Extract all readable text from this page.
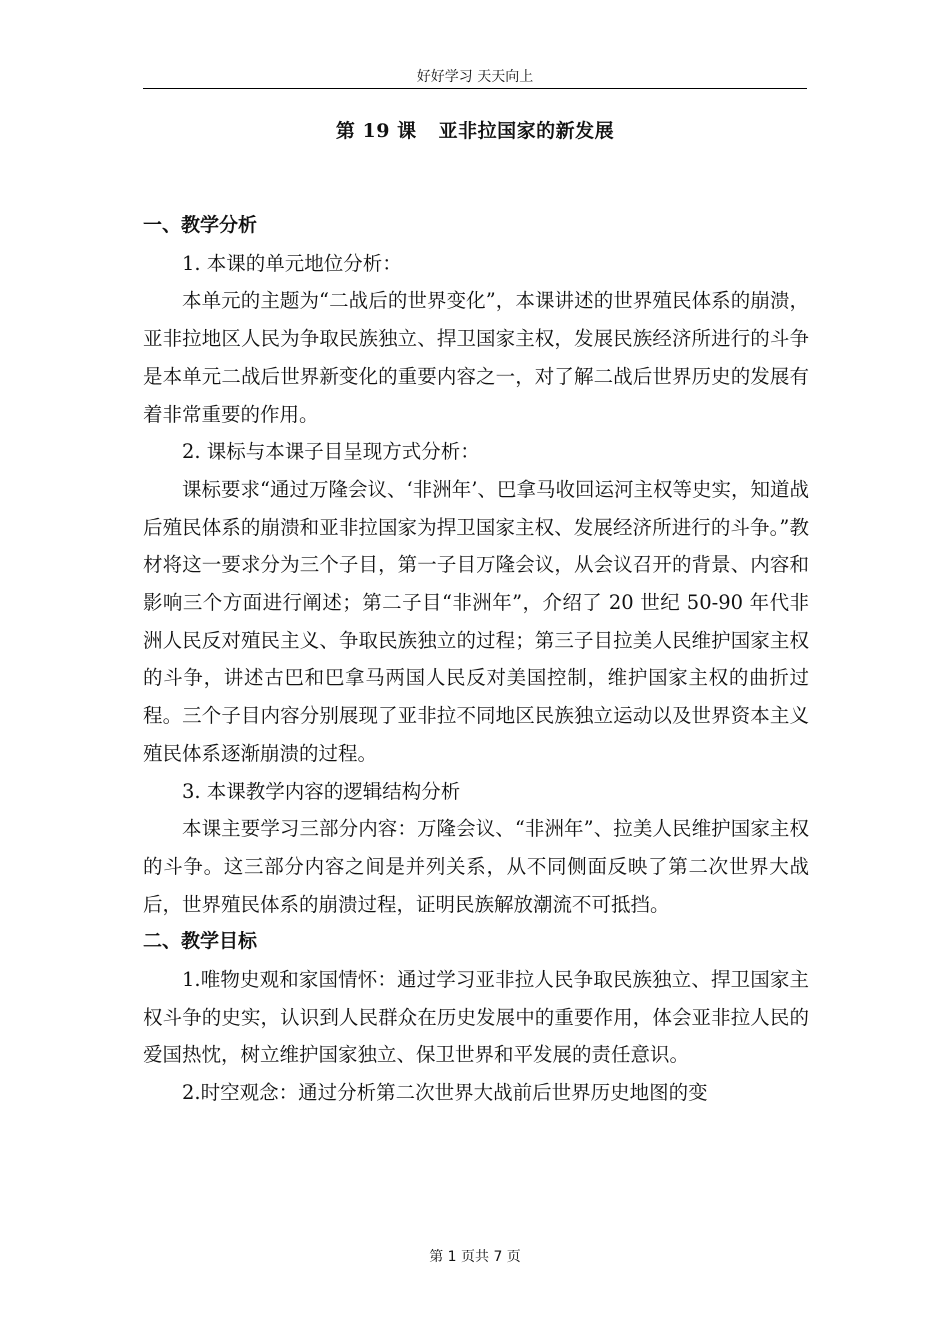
好好学习 天天向上
第 19 课 亚非拉国家的新发展

一、教学分析

1. 本课的单元地位分析：

本单元的主题为“二战后的世界变化”，本课讲述的世界殖民体系的崩溃，亚非拉地区人民为争取民族独立、捍卫国家主权，发展民族经济所进行的斗争是本单元二战后世界新变化的重要内容之一，对了解二战后世界历史的发展有着非常重要的作用。

2. 课标与本课子目呈现方式分析：

课标要求“通过万隆会议、‘非洲年’、巴拿马收回运河主权等史实，知道战后殖民体系的崩溃和亚非拉国家为捍卫国家主权、发展经济所进行的斗争。”教材将这一要求分为三个子目，第一子目万隆会议，从会议召开的背景、内容和影响三个方面进行阐述；第二子目“非洲年”，介绍了 20 世纪 50-90 年代非洲人民反对殖民主义、争取民族独立的过程；第三子目拉美人民维护国家主权的斗争，讲述古巴和巴拿马两国人民反对美国控制，维护国家主权的曲折过程。三个子目内容分别展现了亚非拉不同地区民族独立运动以及世界资本主义殖民体系逐渐崩溃的过程。

3. 本课教学内容的逻辑结构分析

本课主要学习三部分内容：万隆会议、“非洲年”、拉美人民维护国家主权的斗争。这三部分内容之间是并列关系，从不同侧面反映了第二次世界大战后，世界殖民体系的崩溃过程，证明民族解放潮流不可抵挡。

二、教学目标

1.唯物史观和家国情怀：通过学习亚非拉人民争取民族独立、捍卫国家主权斗争的史实，认识到人民群众在历史发展中的重要作用，体会亚非拉人民的爱国热忱，树立维护国家独立、保卫世界和平发展的责任意识。

2.时空观念：通过分析第二次世界大战前后世界历史地图的变

第 1 页共 7 页
